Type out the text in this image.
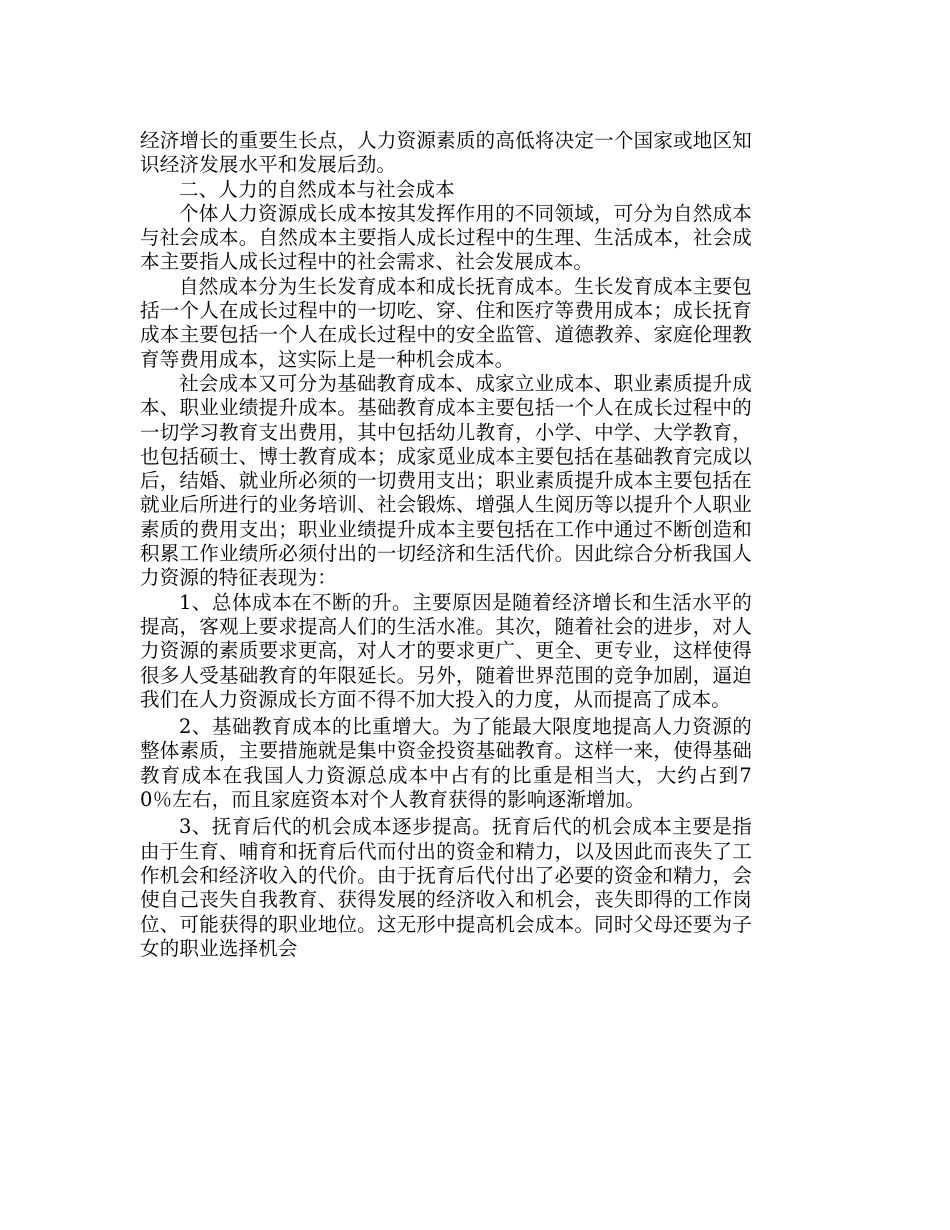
经济增长的重要生长点，人力资源素质的高低将决定一个国家或地区知识经济发展水平和发展后劲。

二、人力的自然成本与社会成本

个体人力资源成长成本按其发挥作用的不同领域，可分为自然成本与社会成本。自然成本主要指人成长过程中的生理、生活成本，社会成本主要指人成长过程中的社会需求、社会发展成本。

自然成本分为生长发育成本和成长抚育成本。生长发育成本主要包括一个人在成长过程中的一切吃、穿、住和医疗等费用成本；成长抚育成本主要包括一个人在成长过程中的安全监管、道德教养、家庭伦理教育等费用成本，这实际上是一种机会成本。

社会成本又可分为基础教育成本、成家立业成本、职业素质提升成本、职业业绩提升成本。基础教育成本主要包括一个人在成长过程中的一切学习教育支出费用，其中包括幼儿教育，小学、中学、大学教育，也包括硕士、博士教育成本；成家觅业成本主要包括在基础教育完成以后，结婚、就业所必须的一切费用支出；职业素质提升成本主要包括在就业后所进行的业务培训、社会锻炼、增强人生阅历等以提升个人职业素质的费用支出；职业业绩提升成本主要包括在工作中通过不断创造和积累工作业绩所必须付出的一切经济和生活代价。因此综合分析我国人力资源的特征表现为：

1、总体成本在不断的升。主要原因是随着经济增长和生活水平的提高，客观上要求提高人们的生活水准。其次，随着社会的进步，对人力资源的素质要求更高，对人才的要求更广、更全、更专业，这样使得很多人受基础教育的年限延长。另外，随着世界范围的竞争加剧，逼迫我们在人力资源成长方面不得不加大投入的力度，从而提高了成本。

2、基础教育成本的比重增大。为了能最大限度地提高人力资源的整体素质，主要措施就是集中资金投资基础教育。这样一来，使得基础教育成本在我国人力资源总成本中占有的比重是相当大，大约占到70％左右，而且家庭资本对个人教育获得的影响逐渐增加。

3、抚育后代的机会成本逐步提高。抚育后代的机会成本主要是指由于生育、哺育和抚育后代而付出的资金和精力，以及因此而丧失了工作机会和经济收入的代价。由于抚育后代付出了必要的资金和精力，会使自己丧失自我教育、获得发展的经济收入和机会，丧失即得的工作岗位、可能获得的职业地位。这无形中提高机会成本。同时父母还要为子女的职业选择机会
